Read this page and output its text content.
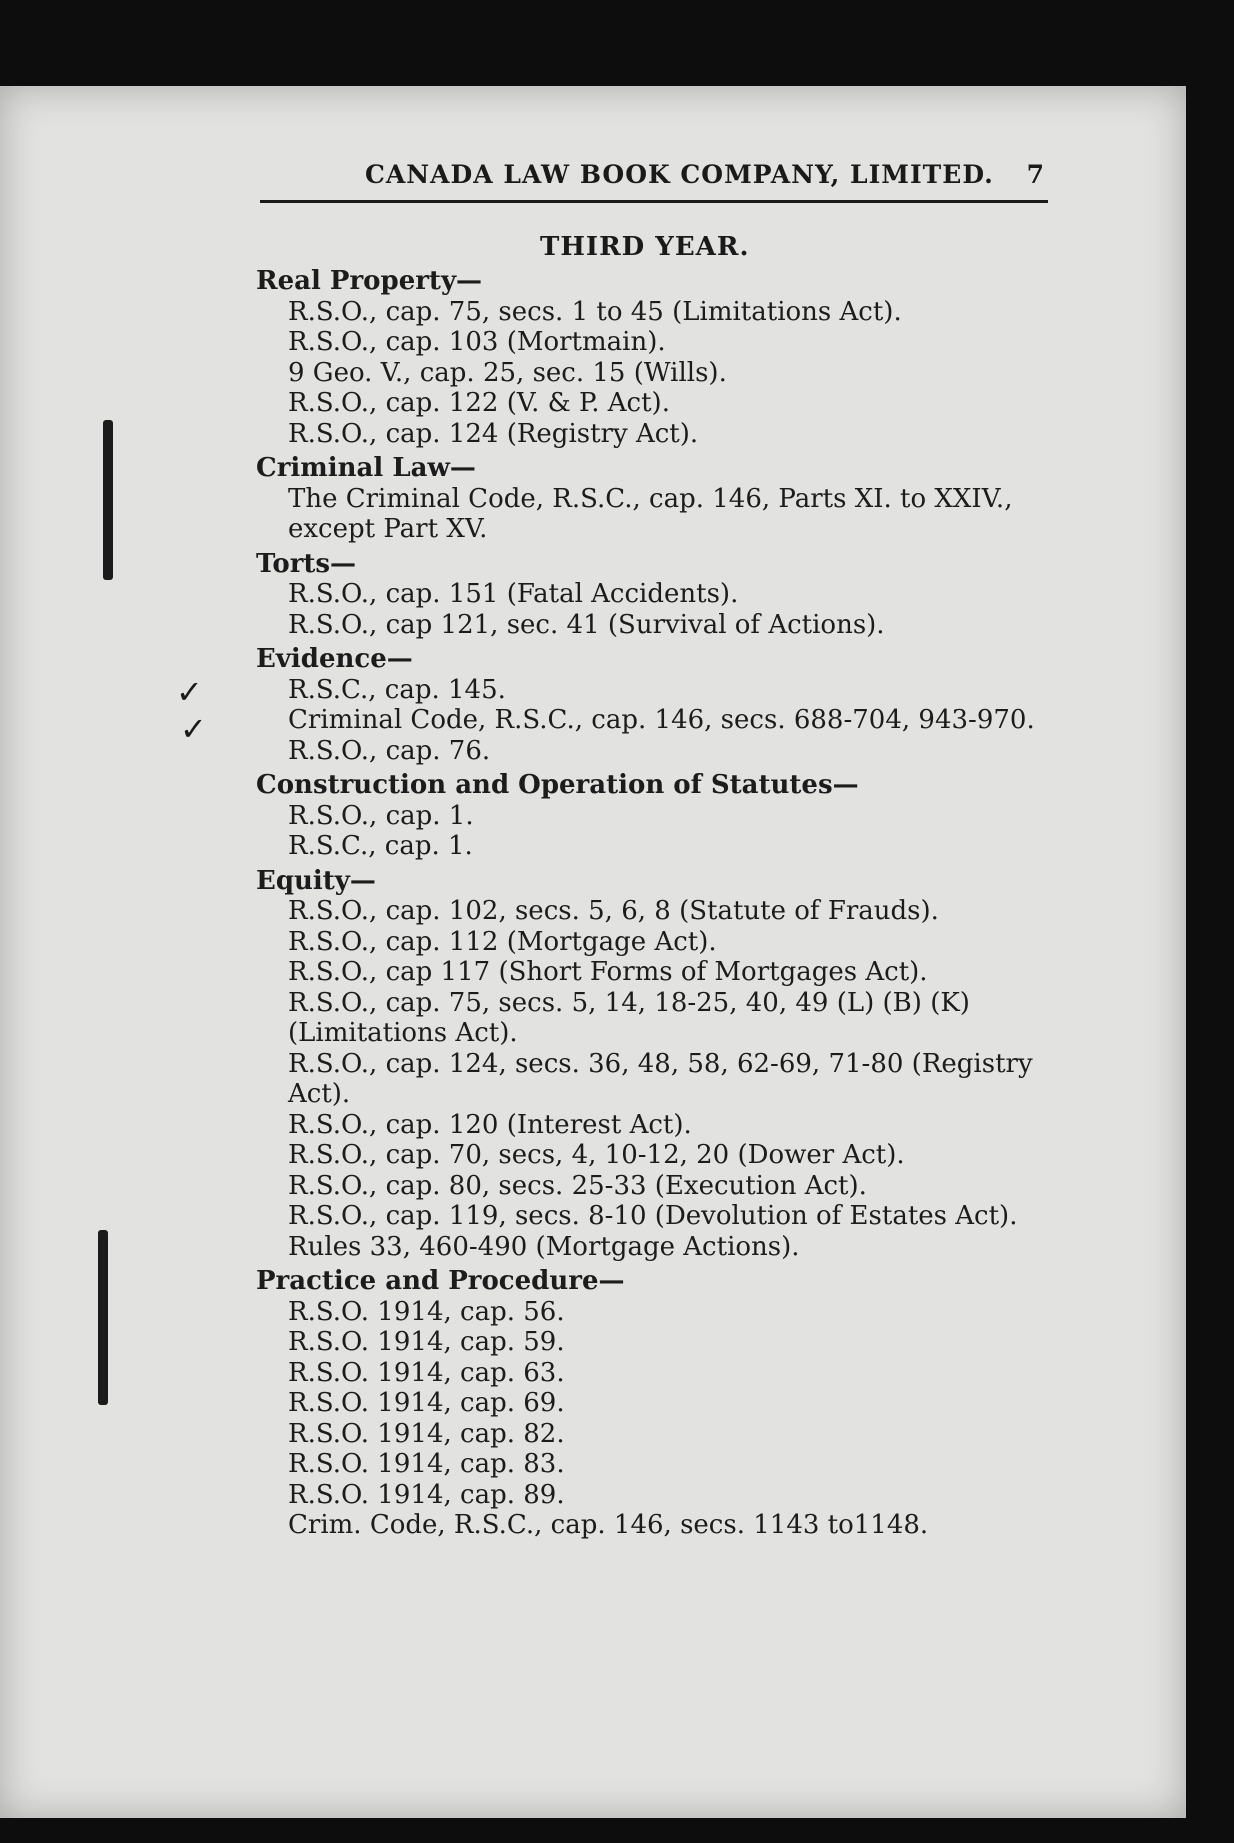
CANADA LAW BOOK COMPANY, LIMITED. 7
THIRD YEAR.
Real Property—
R.S.O., cap. 75, secs. 1 to 45 (Limitations Act).
R.S.O., cap. 103 (Mortmain).
9 Geo. V., cap. 25, sec. 15 (Wills).
R.S.O., cap. 122 (V. & P. Act).
R.S.O., cap. 124 (Registry Act).
Criminal Law—
The Criminal Code, R.S.C., cap. 146, Parts XI. to XXIV., except Part XV.
Torts—
R.S.O., cap. 151 (Fatal Accidents).
R.S.O., cap 121, sec. 41 (Survival of Actions).
Evidence—
R.S.C., cap. 145.
Criminal Code, R.S.C., cap. 146, secs. 688-704, 943-970.
R.S.O., cap. 76.
Construction and Operation of Statutes—
R.S.O., cap. 1.
R.S.C., cap. 1.
Equity—
R.S.O., cap. 102, secs. 5, 6, 8 (Statute of Frauds).
R.S.O., cap. 112 (Mortgage Act).
R.S.O., cap 117 (Short Forms of Mortgages Act).
R.S.O., cap. 75, secs. 5, 14, 18-25, 40, 49 (L) (B) (K) (Limitations Act).
R.S.O., cap. 124, secs. 36, 48, 58, 62-69, 71-80 (Registry Act).
R.S.O., cap. 120 (Interest Act).
R.S.O., cap. 70, secs, 4, 10-12, 20 (Dower Act).
R.S.O., cap. 80, secs. 25-33 (Execution Act).
R.S.O., cap. 119, secs. 8-10 (Devolution of Estates Act).
Rules 33, 460-490 (Mortgage Actions).
Practice and Procedure—
R.S.O. 1914, cap. 56.
R.S.O. 1914, cap. 59.
R.S.O. 1914, cap. 63.
R.S.O. 1914, cap. 69.
R.S.O. 1914, cap. 82.
R.S.O. 1914, cap. 83.
R.S.O. 1914, cap. 89.
Crim. Code, R.S.C., cap. 146, secs. 1143 to1148.
✓
✓
